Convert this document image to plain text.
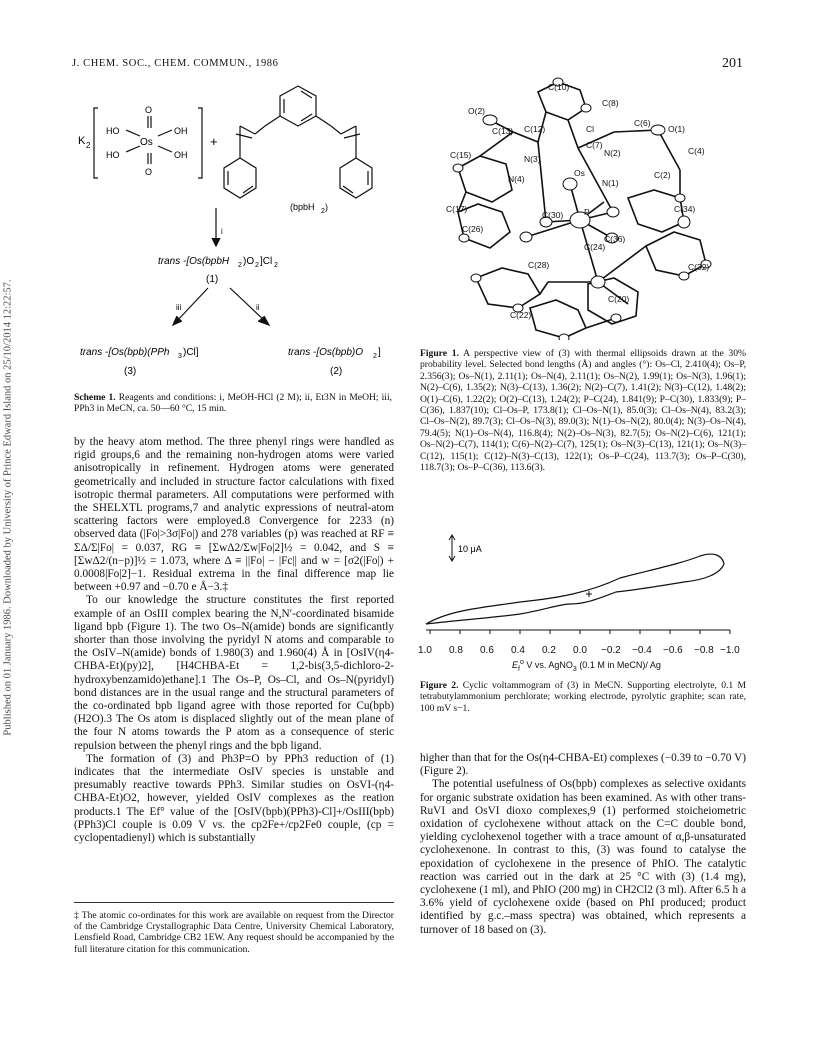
Published on 01 January 1986. Downloaded by University of Prince Edward Island on 25/10/2014 12:22:57.
J. CHEM. SOC., CHEM. COMMUN., 1986	201
K 2
HO	OH
HO	OH
Os
O
O
+
(bpbH 2 )
i
iii	ii
trans -[Os(bpbH 2 )O 2 ]Cl 2
(1)
trans -[Os(bpb)(PPh 3 )Cl]
(3)
trans -[Os(bpb)O 2 ]
(2)
Scheme 1. Reagents and conditions: i, MeOH-HCl (2 M); ii, Et3N in MeOH; iii, PPh3 in MeCN, ca. 50—60 °C, 15 min.
C(10)
C(8)
O(2)
Cl
C(13) C(12)
C(7)
C(6)
O(1)
C(15)	N(3)
N(2)	C(4)
N(4)
Os
N(1)
C(2)
C(17)	P	C(34)
C(30)
C(26)
C(36)
C(24)
C(28)	C(32)
C(20)
C(22)
Figure 1. A perspective view of (3) with thermal ellipsoids drawn at the 30% probability level. Selected bond lengths (Å) and angles (°): Os–Cl, 2.410(4); Os–P, 2.356(3); Os–N(1), 2.11(1); Os–N(4), 2.11(1); Os–N(2), 1.99(1); Os–N(3), 1.96(1); N(2)–C(6), 1.35(2); N(3)–C(13), 1.36(2); N(2)–C(7), 1.41(2); N(3)–C(12), 1.48(2); O(1)–C(6), 1.22(2); O(2)–C(13), 1.24(2); P–C(24), 1.841(9); P–C(30), 1.833(9); P–C(36), 1.837(10); Cl–Os–P, 173.8(1); Cl–Os–N(1), 85.0(3); Cl–Os–N(4), 83.2(3); Cl–Os–N(2), 89.7(3); Cl–Os–N(3), 89.0(3); N(1)–Os–N(2), 80.0(4); N(3)–Os–N(4), 79.4(5); N(1)–Os–N(4), 116.8(4); N(2)–Os–N(3), 82.7(5); Os–N(2)–C(6), 121(1); Os–N(2)–C(7), 114(1); C(6)–N(2)–C(7), 125(1); Os–N(3)–C(13), 121(1); Os–N(3)–C(12), 115(1); C(12)–N(3)–C(13), 122(1); Os–P–C(24), 113.7(3); Os–P–C(30), 118.7(3); Os–P–C(36), 113.6(3).
10 μA
1.0 0.8 0.6 0.4 0.2 0.0 −0.2 −0.4 −0.6 −0.8 −1.0
$E_f^o$ V vs. AgNO$_3$ (0.1 M in MeCN)/ Ag
Figure 2. Cyclic voltammogram of (3) in MeCN. Supporting electrolyte, 0.1 M tetrabutylammonium perchlorate; working electrode, pyrolytic graphite; scan rate, 100 mV s−1.

by the heavy atom method. The three phenyl rings were handled as rigid groups,6 and the remaining non-hydrogen atoms were varied anisotropically in refinement. Hydrogen atoms were generated geometrically and included in structure factor calculations with fixed isotropic thermal parameters. All computations were performed with the SHELXTL programs,7 and analytic expressions of neutral-atom scattering factors were employed.8 Convergence for 2233 (n) observed data (|Fo|>3σ|Fo|) and 278 variables (p) was reached at RF ≡ ΣΔ/Σ|Fo| = 0.037, RG ≡ [ΣwΔ2/Σw|Fo|2]½ = 0.042, and S ≡ [ΣwΔ2/(n−p)]½ = 1.073, where Δ ≡ ||Fo| − |Fc|| and w = [σ2(|Fo|) + 0.0008|Fo|2]−1. Residual extrema in the final difference map lie between +0.97 and −0.70 e Å−3.‡

To our knowledge the structure constitutes the first reported example of an OsIII complex bearing the N,N′-coordinated bisamide ligand bpb (Figure 1). The two Os–N(amide) bonds are significantly shorter than those involving the pyridyl N atoms and comparable to the OsIV–N(amide) bonds of 1.980(3) and 1.960(4) Å in [OsIV(η4-CHBA-Et)(py)2], [H4CHBA-Et = 1,2-bis(3,5-dichloro-2-hydroxybenzamido)ethane].1 The Os–P, Os–Cl, and Os–N(pyridyl) bond distances are in the usual range and the structural parameters of the co-ordinated bpb ligand agree with those reported for Cu(bpb)(H2O).3 The Os atom is displaced slightly out of the mean plane of the four N atoms towards the P atom as a consequence of steric repulsion between the phenyl rings and the bpb ligand.

The formation of (3) and Ph3P=O by PPh3 reduction of (1) indicates that the intermediate OsIV species is unstable and presumably reactive towards PPh3. Similar studies on OsVI-(η4-CHBA-Et)O2, however, yielded OsIV complexes as the reation products.1 The Ef° value of the [OsIV(bpb)(PPh3)-Cl]+/OsIII(bpb)(PPh3)Cl couple is 0.09 V vs. the cp2Fe+/cp2Fe0 couple, (cp = cyclopentadienyl) which is substantially

‡ The atomic co-ordinates for this work are available on request from the Director of the Cambridge Crystallographic Data Centre, University Chemical Laboratory, Lensfield Road, Cambridge CB2 1EW. Any request should be accompanied by the full literature citation for this communication.

higher than that for the Os(η4-CHBA-Et) complexes (−0.39 to −0.70 V) (Figure 2).

The potential usefulness of Os(bpb) complexes as selective oxidants for organic substrate oxidation has been examined. As with other trans-RuVI and OsVI dioxo complexes,9 (1) performed stoicheiometric oxidation of cyclohexene without attack on the C=C double bond, yielding cyclohexenol together with a trace amount of α,β-unsaturated cyclohexenone. In contrast to this, (3) was found to catalyse the epoxidation of cyclohexene in the presence of PhIO. The catalytic reaction was carried out in the dark at 25 °C with (3) (1.4 mg), cyclohexene (1 ml), and PhIO (200 mg) in CH2Cl2 (3 ml). After 6.5 h a 3.6% yield of cyclohexene oxide (based on PhI produced; product identified by g.c.–mass spectra) was obtained, which represents a turnover of 18 based on (3).
